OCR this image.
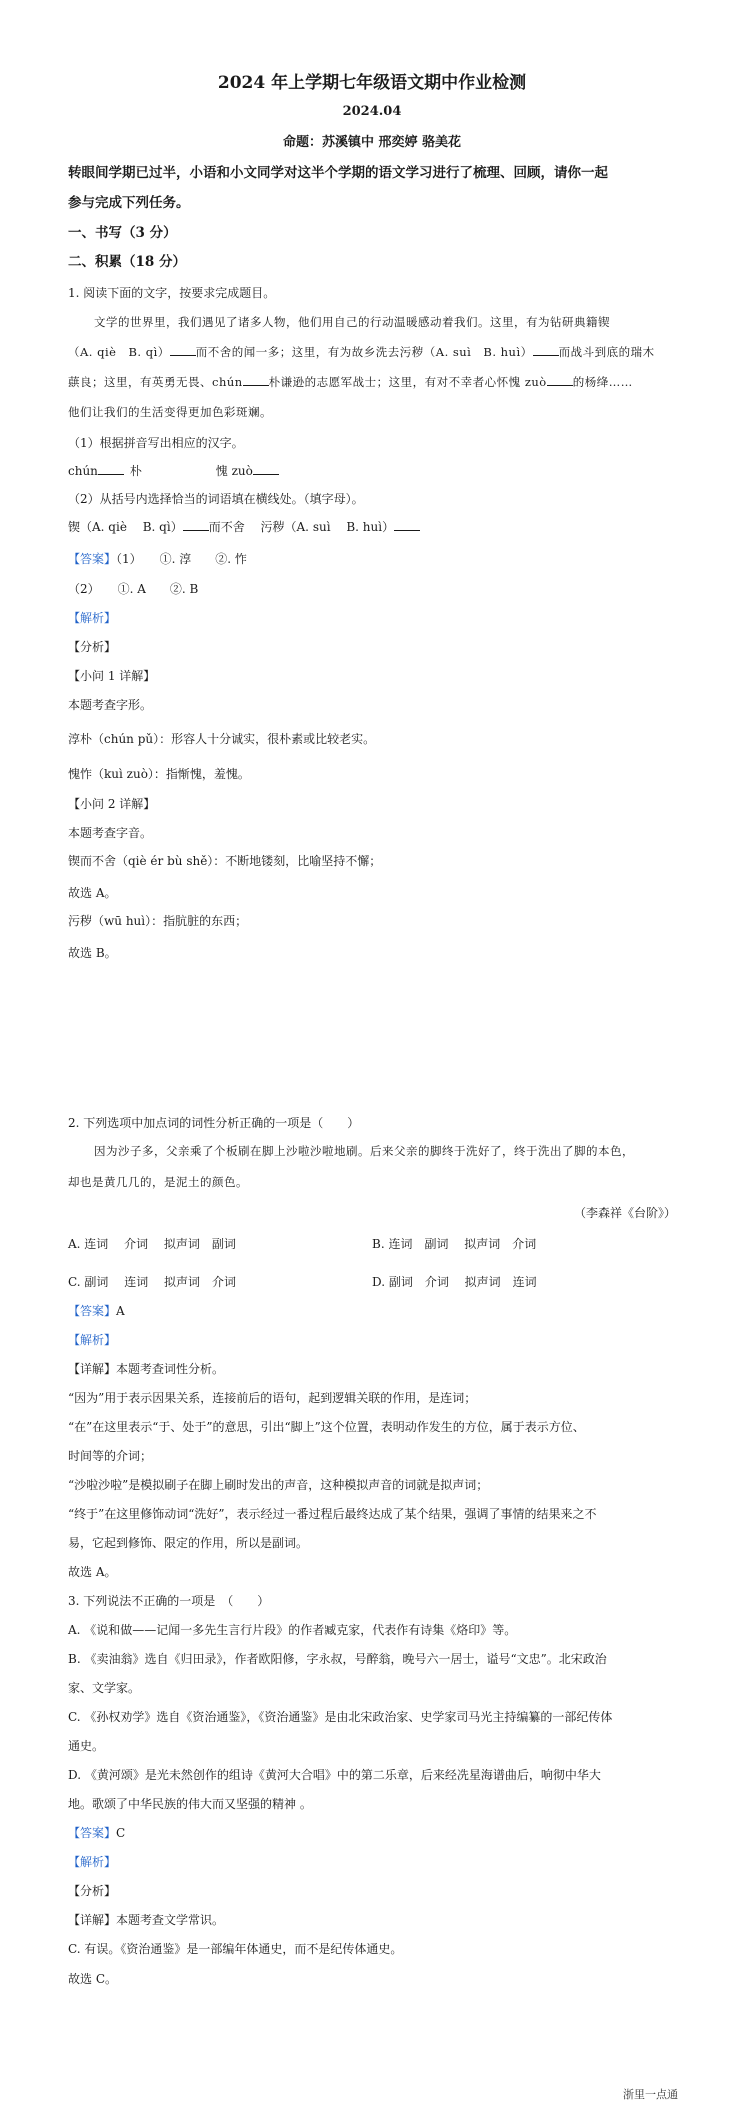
2024 年上学期七年级语文期中作业检测
2024.04
命题：苏溪镇中 邢奕婷 骆美花
转眼间学期已过半，小语和小文同学对这半个学期的语文学习进行了梳理、回顾，请你一起
参与完成下列任务。
一、书写（3 分）
二、积累（18 分）
1. 阅读下面的文字，按要求完成题目。
文学的世界里，我们遇见了诸多人物，他们用自己的行动温暖感动着我们。这里，有为钻研典籍锲
（A. qiè　B. qì） 而不舍的闻一多；这里，有为故乡洗去污秽（A. suì　B. huì） 而战斗到底的瑞木
蕻良；这里，有英勇无畏、chún 朴谦逊的志愿军战士；这里，有对不幸者心怀愧 zuò 的杨绛……
他们让我们的生活变得更加色彩斑斓。
（1）根据拼音写出相应的汉字。
chún	朴	愧 zuò
（2）从括号内选择恰当的词语填在横线处。（填字母）。
锲（A. qiè　 B. qì） 而不舍　 污秽（A. suì　 B. huì）
【答案】（1）　　①. 淳　　②. 怍
（2）　　①. A　　②. B
【解析】
【分析】
【小问 1 详解】
本题考查字形。
淳朴（chún pǔ）：形容人十分诚实，很朴素或比较老实。
愧怍（kuì zuò）：指惭愧，羞愧。
【小问 2 详解】
本题考查字音。
锲而不舍（qiè ér bù shě）：不断地镂刻，比喻坚持不懈；
故选 A。
污秽（wū huì）：指肮脏的东西；
故选 B。
2. 下列选项中加点词的词性分析正确的一项是（　　）
因为沙子多，父亲乘了个板刷在脚上沙啦沙啦地刷。后来父亲的脚终于洗好了，终于洗出了脚的本色，
却也是黄几几的，是泥土的颜色。
（李森祥《台阶》）
A. 连词　 介词　 拟声词　副词	B. 连词　副词　 拟声词　介词
C. 副词　 连词　 拟声词　介词	D. 副词　介词　 拟声词　连词
【答案】A
【解析】
【详解】本题考查词性分析。
“因为”用于表示因果关系，连接前后的语句，起到逻辑关联的作用，是连词；
“在”在这里表示“于、处于”的意思，引出“脚上”这个位置，表明动作发生的方位，属于表示方位、
时间等的介词；
“沙啦沙啦”是模拟刷子在脚上刷时发出的声音，这种模拟声音的词就是拟声词；
“终于”在这里修饰动词“洗好”，表示经过一番过程后最终达成了某个结果，强调了事情的结果来之不
易，它起到修饰、限定的作用，所以是副词。
故选 A。
3. 下列说法不正确的一项是　（　　）
A. 《说和做——记闻一多先生言行片段》的作者臧克家，代表作有诗集《烙印》等。
B. 《卖油翁》选自《归田录》，作者欧阳修，字永叔，号醉翁，晚号六一居士，谥号“文忠”。北宋政治
家、文学家。
C. 《孙权劝学》选自《资治通鉴》，《资治通鉴》是由北宋政治家、史学家司马光主持编纂的一部纪传体
通史。
D. 《黄河颂》是光未然创作的组诗《黄河大合唱》中的第二乐章，后来经冼星海谱曲后，响彻中华大
地。歌颂了中华民族的伟大而又坚强的精神 。
【答案】C
【解析】
【分析】
【详解】本题考查文学常识。
C. 有误。《资治通鉴》是一部编年体通史，而不是纪传体通史。
故选 C。
浙里一点通
